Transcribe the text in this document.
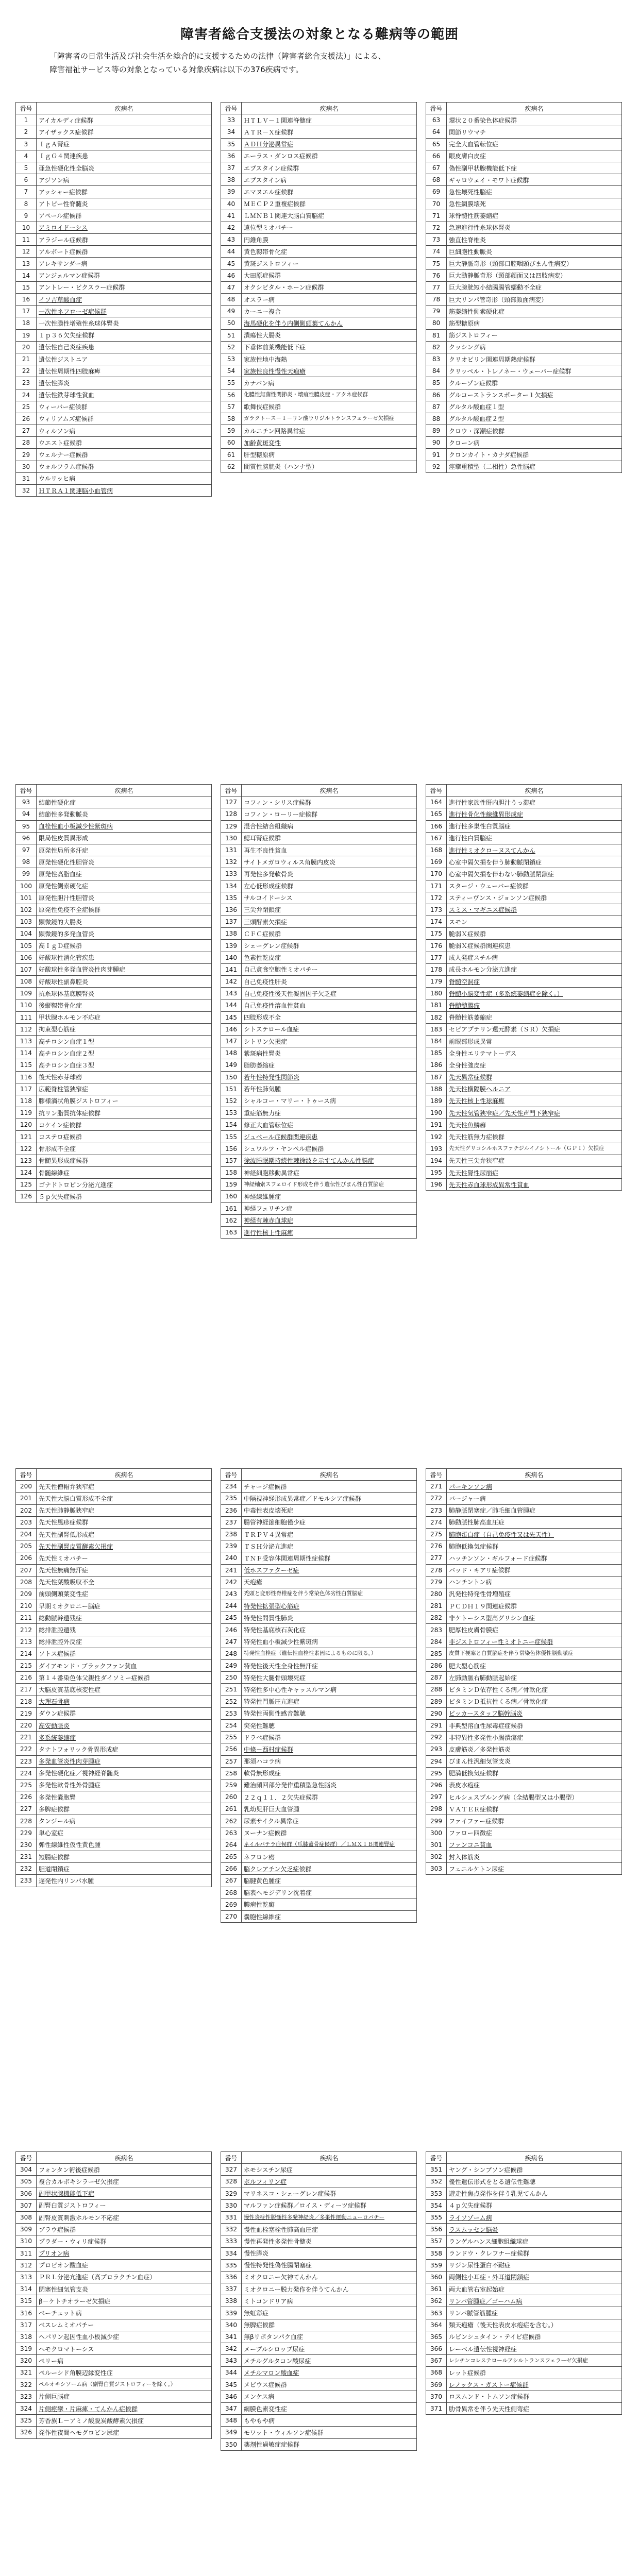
障害者総合支援法の対象となる難病等の範囲

「障害者の日常生活及び社会生活を総合的に支援するための法律（障害者総合支援法）」による、

障害福祉サービス等の対象となっている対象疾病は以下の376疾病です。

番号	疾病名
1	アイカルディ症候群
2	アイザックス症候群
3	ＩｇＡ腎症
4	ＩｇＧ４関連疾患
5	亜急性硬化性全脳炎
6	アジソン病
7	アッシャー症候群
8	アトピー性脊髄炎
9	アペール症候群
10	アミロイドーシス
11	アラジール症候群
12	アルポート症候群
13	アレキサンダー病
14	アンジェルマン症候群
15	アントレー・ビクスラー症候群
16	イソ吉草酸血症
17	一次性ネフローゼ症候群
18	一次性膜性増殖性糸球体腎炎
19	１ｐ３６欠失症候群
20	遺伝性自己炎症疾患
21	遺伝性ジストニア
22	遺伝性周期性四肢麻痺
23	遺伝性膵炎
24	遺伝性鉄芽球性貧血
25	ウィーバー症候群
26	ウィリアムズ症候群
27	ウィルソン病
28	ウエスト症候群
29	ウェルナー症候群
30	ウォルフラム症候群
31	ウルリッヒ病
32	ＨＴＲＡ１関連脳小血管病
番号	疾病名
33	ＨＴＬＶ－１関連脊髄症
34	ＡＴＲ－Ｘ症候群
35	ＡＤＨ分泌異常症
36	エーラス・ダンロス症候群
37	エプスタイン症候群
38	エプスタイン病
39	エマヌエル症候群
40	ＭＥＣＰ２重複症候群
41	ＬＭＮＢ１関連大脳白質脳症
42	遠位型ミオパチー
43	円錐角膜
44	黄色靱帯骨化症
45	黄斑ジストロフィー
46	大田原症候群
47	オクシピタル・ホーン症候群
48	オスラー病
49	カーニー複合
50	海馬硬化を伴う内側側頭葉てんかん
51	潰瘍性大腸炎
52	下垂体前葉機能低下症
53	家族性地中海熱
54	家族性良性慢性天疱瘡
55	カナバン病
56	化膿性無菌性関節炎・壊疽性膿皮症・アクネ症候群
57	歌舞伎症候群
58	ガラクトース－１－リン酸ウリジルトランスフェラーゼ欠損症
59	カルニチン回路異常症
60	加齢黄斑変性
61	肝型糖原病
62	間質性膀胱炎（ハンナ型）
番号	疾病名
63	環状２０番染色体症候群
64	関節リウマチ
65	完全大血管転位症
66	眼皮膚白皮症
67	偽性副甲状腺機能低下症
68	ギャロウェイ・モワト症候群
69	急性壊死性脳症
70	急性網膜壊死
71	球脊髄性筋萎縮症
72	急速進行性糸球体腎炎
73	強直性脊椎炎
74	巨細胞性動脈炎
75	巨大静脈奇形（頸部口腔咽頭びまん性病変）
76	巨大動静脈奇形（頸部顔面又は四肢病変）
77	巨大膀胱短小結腸腸管蠕動不全症
78	巨大リンパ管奇形（頸部顔面病変）
79	筋萎縮性側索硬化症
80	筋型糖原病
81	筋ジストロフィー
82	クッシング病
83	クリオピリン関連周期熱症候群
84	クリッペル・トレノネー・ウェーバー症候群
85	クルーゾン症候群
86	グルコーストランスポーター１欠損症
87	グルタル酸血症１型
88	グルタル酸血症２型
89	クロウ・深瀬症候群
90	クローン病
91	クロンカイト・カナダ症候群
92	痙攣重積型（二相性）急性脳症
番号	疾病名
93	結節性硬化症
94	結節性多発動脈炎
95	血栓性血小板減少性紫斑病
96	限局性皮質異形成
97	原発性局所多汗症
98	原発性硬化性胆管炎
99	原発性高脂血症
100	原発性側索硬化症
101	原発性胆汁性胆管炎
102	原発性免疫不全症候群
103	顕微鏡的大腸炎
104	顕微鏡的多発血管炎
105	高ＩｇＤ症候群
106	好酸球性消化管疾患
107	好酸球性多発血管炎性肉芽腫症
108	好酸球性副鼻腔炎
109	抗糸球体基底膜腎炎
110	後縦靱帯骨化症
111	甲状腺ホルモン不応症
112	拘束型心筋症
113	高チロシン血症１型
114	高チロシン血症２型
115	高チロシン血症３型
116	後天性赤芽球癆
117	広範脊柱管狭窄症
118	膠様滴状角膜ジストロフィー
119	抗リン脂質抗体症候群
120	コケイン症候群
121	コステロ症候群
122	骨形成不全症
123	骨髄異形成症候群
124	骨髄線維症
125	ゴナドトロピン分泌亢進症
126	５ｐ欠失症候群
番号	疾病名
127	コフィン・シリス症候群
128	コフィン・ローリー症候群
129	混合性結合組織病
130	鰓耳腎症候群
131	再生不良性貧血
132	サイトメガロウィルス角膜内皮炎
133	再発性多発軟骨炎
134	左心低形成症候群
135	サルコイドーシス
136	三尖弁閉鎖症
137	三頭酵素欠損症
138	ＣＦＣ症候群
139	シェーグレン症候群
140	色素性乾皮症
141	自己貪食空胞性ミオパチー
142	自己免疫性肝炎
143	自己免疫性後天性凝固因子欠乏症
144	自己免疫性溶血性貧血
145	四肢形成不全
146	シトステロール血症
147	シトリン欠損症
148	紫斑病性腎炎
149	脂肪萎縮症
150	若年性特発性関節炎
151	若年性肺気腫
152	シャルコー・マリー・トゥース病
153	重症筋無力症
154	修正大血管転位症
155	ジュベール症候群関連疾患
156	シュワルツ・ヤンペル症候群
157	徐波睡眠期持続性棘徐波を示すてんかん性脳症
158	神経細胞移動異常症
159	神経軸索スフェロイド形成を伴う遺伝性びまん性白質脳症
160	神経線維腫症
161	神経フェリチン症
162	神経有棘赤血球症
163	進行性核上性麻痺
番号	疾病名
164	進行性家族性肝内胆汁うっ滞症
165	進行性骨化性線維異形成症
166	進行性多巣性白質脳症
167	進行性白質脳症
168	進行性ミオクローヌスてんかん
169	心室中隔欠損を伴う肺動脈閉鎖症
170	心室中隔欠損を伴わない肺動脈閉鎖症
171	スタージ・ウェーバー症候群
172	スティーヴンス・ジョンソン症候群
173	スミス・マギニス症候群
174	スモン
175	脆弱Ｘ症候群
176	脆弱Ｘ症候群関連疾患
177	成人発症スチル病
178	成長ホルモン分泌亢進症
179	脊髄空洞症
180	脊髄小脳変性症（多系統萎縮症を除く。）
181	脊髄髄膜瘤
182	脊髄性筋萎縮症
183	セピアプテリン還元酵素（ＳＲ）欠損症
184	前眼部形成異常
185	全身性エリテマトーデス
186	全身性強皮症
187	先天異常症候群
188	先天性横隔膜ヘルニア
189	先天性核上性球麻痺
190	先天性気管狭窄症／先天性声門下狭窄症
191	先天性魚鱗癬
192	先天性筋無力症候群
193	先天性グリコシルホスファチジルイノシトール（ＧＰＩ）欠損症
194	先天性三尖弁狭窄症
195	先天性腎性尿崩症
196	先天性赤血球形成異常性貧血
番号	疾病名
200	先天性僧帽弁狭窄症
201	先天性大脳白質形成不全症
202	先天性肺静脈狭窄症
203	先天性風疹症候群
204	先天性副腎低形成症
205	先天性副腎皮質酵素欠損症
206	先天性ミオパチー
207	先天性無痛無汗症
208	先天性葉酸吸収不全
209	前頭側頭葉変性症
210	早期ミオクロニー脳症
211	総動脈幹遺残症
212	総排泄腔遺残
213	総排泄腔外反症
214	ソトス症候群
215	ダイアモンド・ブラックファン貧血
216	第１４番染色体父親性ダイソミー症候群
217	大脳皮質基底核変性症
218	大理石骨病
219	ダウン症候群
220	高安動脈炎
221	多系統萎縮症
222	タナトフォリック骨異形成症
223	多発血管炎性肉芽腫症
224	多発性硬化症／視神経脊髄炎
225	多発性軟骨性外骨腫症
226	多発性嚢胞腎
227	多脾症候群
228	タンジール病
229	単心室症
230	弾性線維性仮性黄色腫
231	短腸症候群
232	胆道閉鎖症
233	遅発性内リンパ水腫
番号	疾病名
234	チャージ症候群
235	中隔視神経形成異常症／ドモルシア症候群
236	中毒性表皮壊死症
237	腸管神経節細胞僅少症
238	ＴＲＰＶ４異常症
239	ＴＳＨ分泌亢進症
240	ＴＮＦ受容体関連周期性症候群
241	低ホスファターゼ症
242	天疱瘡
243	禿頭と変形性脊椎症を伴う常染色体劣性白質脳症
244	特発性拡張型心筋症
245	特発性間質性肺炎
246	特発性基底核石灰化症
247	特発性血小板減少性紫斑病
248	特発性血栓症（遺伝性血栓性素因によるものに限る。）
249	特発性後天性全身性無汗症
250	特発性大腿骨頭壊死症
251	特発性多中心性キャッスルマン病
252	特発性門脈圧亢進症
253	特発性両側性感音難聴
254	突発性難聴
255	ドラベ症候群
256	中條－西村症候群
257	那須ハコラ病
258	軟骨無形成症
259	難治頻回部分発作重積型急性脳炎
260	２２ｑ１１．２欠失症候群
261	乳幼児肝巨大血管腫
262	尿素サイクル異常症
263	ヌーナン症候群
264	ネイルパテラ症候群（爪膝蓋骨症候群）／ＬＭＸ１Ｂ関連腎症
265	ネフロン癆
266	脳クレアチン欠乏症候群
267	脳腱黄色腫症
268	脳表ヘモジデリン沈着症
269	膿疱性乾癬
270	嚢胞性線維症
番号	疾病名
271	パーキンソン病
272	バージャー病
273	肺静脈閉塞症／肺毛細血管腫症
274	肺動脈性肺高血圧症
275	肺胞蛋白症（自己免疫性又は先天性）
276	肺胞低換気症候群
277	ハッチンソン・ギルフォード症候群
278	バッド・キアリ症候群
279	ハンチントン病
280	汎発性特発性骨増殖症
281	ＰＣＤＨ１９関連症候群
282	非ケトーシス型高グリシン血症
283	肥厚性皮膚骨膜症
284	非ジストロフィー性ミオトニー症候群
285	皮質下梗塞と白質脳症を伴う常染色体優性脳動脈症
286	肥大型心筋症
287	左肺動脈右肺動脈起始症
288	ビタミンＤ依存性くる病／骨軟化症
289	ビタミンＤ抵抗性くる病／骨軟化症
290	ビッカースタッフ脳幹脳炎
291	非典型溶血性尿毒症症候群
292	非特異性多発性小腸潰瘍症
293	皮膚筋炎／多発性筋炎
294	びまん性汎細気管支炎
295	肥満低換気症候群
296	表皮水疱症
297	ヒルシュスプルング病（全結腸型又は小腸型）
298	ＶＡＴＥＲ症候群
299	ファイファー症候群
300	ファロー四徴症
301	ファンコニ貧血
302	封入体筋炎
303	フェニルケトン尿症
番号	疾病名
304	フォンタン術後症候群
305	複合カルボキシラーゼ欠損症
306	副甲状腺機能低下症
307	副腎白質ジストロフィー
308	副腎皮質刺激ホルモン不応症
309	ブラウ症候群
310	プラダー・ウィリ症候群
311	プリオン病
312	プロピオン酸血症
313	ＰＲＬ分泌亢進症（高プロラクチン血症）
314	閉塞性細気管支炎
315	β－ケトチオラーゼ欠損症
316	ベーチェット病
317	ベスレムミオパチー
318	ヘパリン起因性血小板減少症
319	ヘモクロマトーシス
320	ペリー病
321	ペルーシド角膜辺縁変性症
322	ペルオキシソーム病（副腎白質ジストロフィーを除く。）
323	片側巨脳症
324	片側痙攣・片麻痺・てんかん症候群
325	芳香族Ｌ－アミノ酸脱炭酸酵素欠損症
326	発作性夜間ヘモグロビン尿症
番号	疾病名
327	ホモシスチン尿症
328	ポルフィリン症
329	マリネスコ・シェーグレン症候群
330	マルファン症候群／ロイス・ディーツ症候群
331	慢性炎症性脱髄性多発神経炎／多巣性運動ニューロパチー
332	慢性血栓塞栓性肺高血圧症
333	慢性再発性多発性骨髄炎
334	慢性膵炎
335	慢性特発性偽性腸閉塞症
336	ミオクロニー欠神てんかん
337	ミオクロニー脱力発作を伴うてんかん
338	ミトコンドリア病
339	無虹彩症
340	無脾症候群
341	無βリポタンパク血症
342	メープルシロップ尿症
343	メチルグルタコン酸尿症
344	メチルマロン酸血症
345	メビウス症候群
346	メンケス病
347	網膜色素変性症
348	もやもや病
349	モワット・ウィルソン症候群
350	薬剤性過敏症症候群
番号	疾病名
351	ヤング・シンプソン症候群
352	優性遺伝形式をとる遺伝性難聴
353	遊走性焦点発作を伴う乳児てんかん
354	４ｐ欠失症候群
355	ライソゾーム病
356	ラスムッセン脳炎
357	ランゲルハンス細胞組織球症
358	ランドウ・クレフナー症候群
359	リジン尿性蛋白不耐症
360	両側性小耳症・外耳道閉鎖症
361	両大血管右室起始症
362	リンパ管腫症／ゴーハム病
363	リンパ脈管筋腫症
364	類天疱瘡（後天性表皮水疱症を含む。）
365	ルビンシュタイン・テイビ症候群
366	レーベル遺伝性視神経症
367	レシチンコレステロールアシルトランスフェラーゼ欠損症
368	レット症候群
369	レノックス・ガストー症候群
370	ロスムンド・トムソン症候群
371	肋骨異常を伴う先天性側弯症
